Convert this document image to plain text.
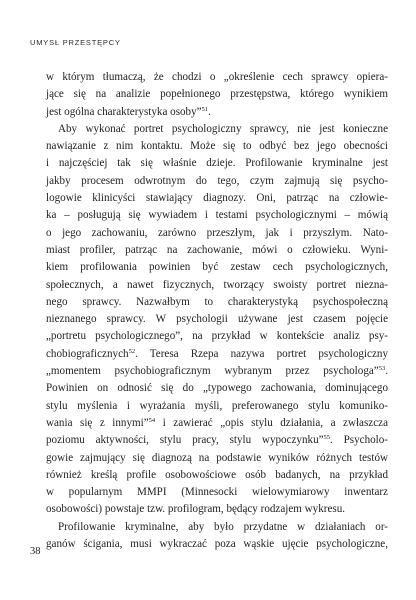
UMYSŁ PRZESTĘPCY
w którym tłumaczą, że chodzi o „określenie cech sprawcy opiera-
jące się na analizie popełnionego przestępstwa, którego wynikiem
jest ogólna charakterystyka osoby”$^{51}$.
Aby wykonać portret psychologiczny sprawcy, nie jest konieczne
nawiązanie z nim kontaktu. Może się to odbyć bez jego obecności
i najczęściej tak się właśnie dzieje. Profilowanie kryminalne jest
jakby procesem odwrotnym do tego, czym zajmują się psycho-
logowie klinicyści stawiający diagnozy. Oni, patrząc na człowie-
ka – posługują się wywiadem i testami psychologicznymi – mówią
o jego zachowaniu, zarówno przeszłym, jak i przyszłym. Nato-
miast profiler, patrząc na zachowanie, mówi o człowieku. Wyni-
kiem profilowania powinien być zestaw cech psychologicznych,
społecznych, a nawet fizycznych, tworzący swoisty portret niezna-
nego sprawcy. Nazwałbym to charakterystyką psychospołeczną
nieznanego sprawcy. W psychologii używane jest czasem pojęcie
„portretu psychologicznego”, na przykład w kontekście analiz psy-
chobiograficznych$^{52}$. Teresa Rzepa nazywa portret psychologiczny
„momentem psychobiograficznym wybranym przez psychologa”$^{53}$.
Powinien on odnosić się do „typowego zachowania, dominującego
stylu myślenia i wyrażania myśli, preferowanego stylu komuniko-
wania się z innymi”$^{54}$ i zawierać „opis stylu działania, a zwłaszcza
poziomu aktywności, stylu pracy, stylu wypoczynku”$^{55}$. Psycholo-
gowie zajmujący się diagnozą na podstawie wyników różnych testów
również kreślą profile osobowościowe osób badanych, na przykład
w popularnym MMPI (Minnesocki wielowymiarowy inwentarz
osobowości) powstaje tzw. profilogram, będący rodzajem wykresu.
Profilowanie kryminalne, aby było przydatne w działaniach or-
ganów ścigania, musi wykraczać poza wąskie ujęcie psychologiczne,
38
